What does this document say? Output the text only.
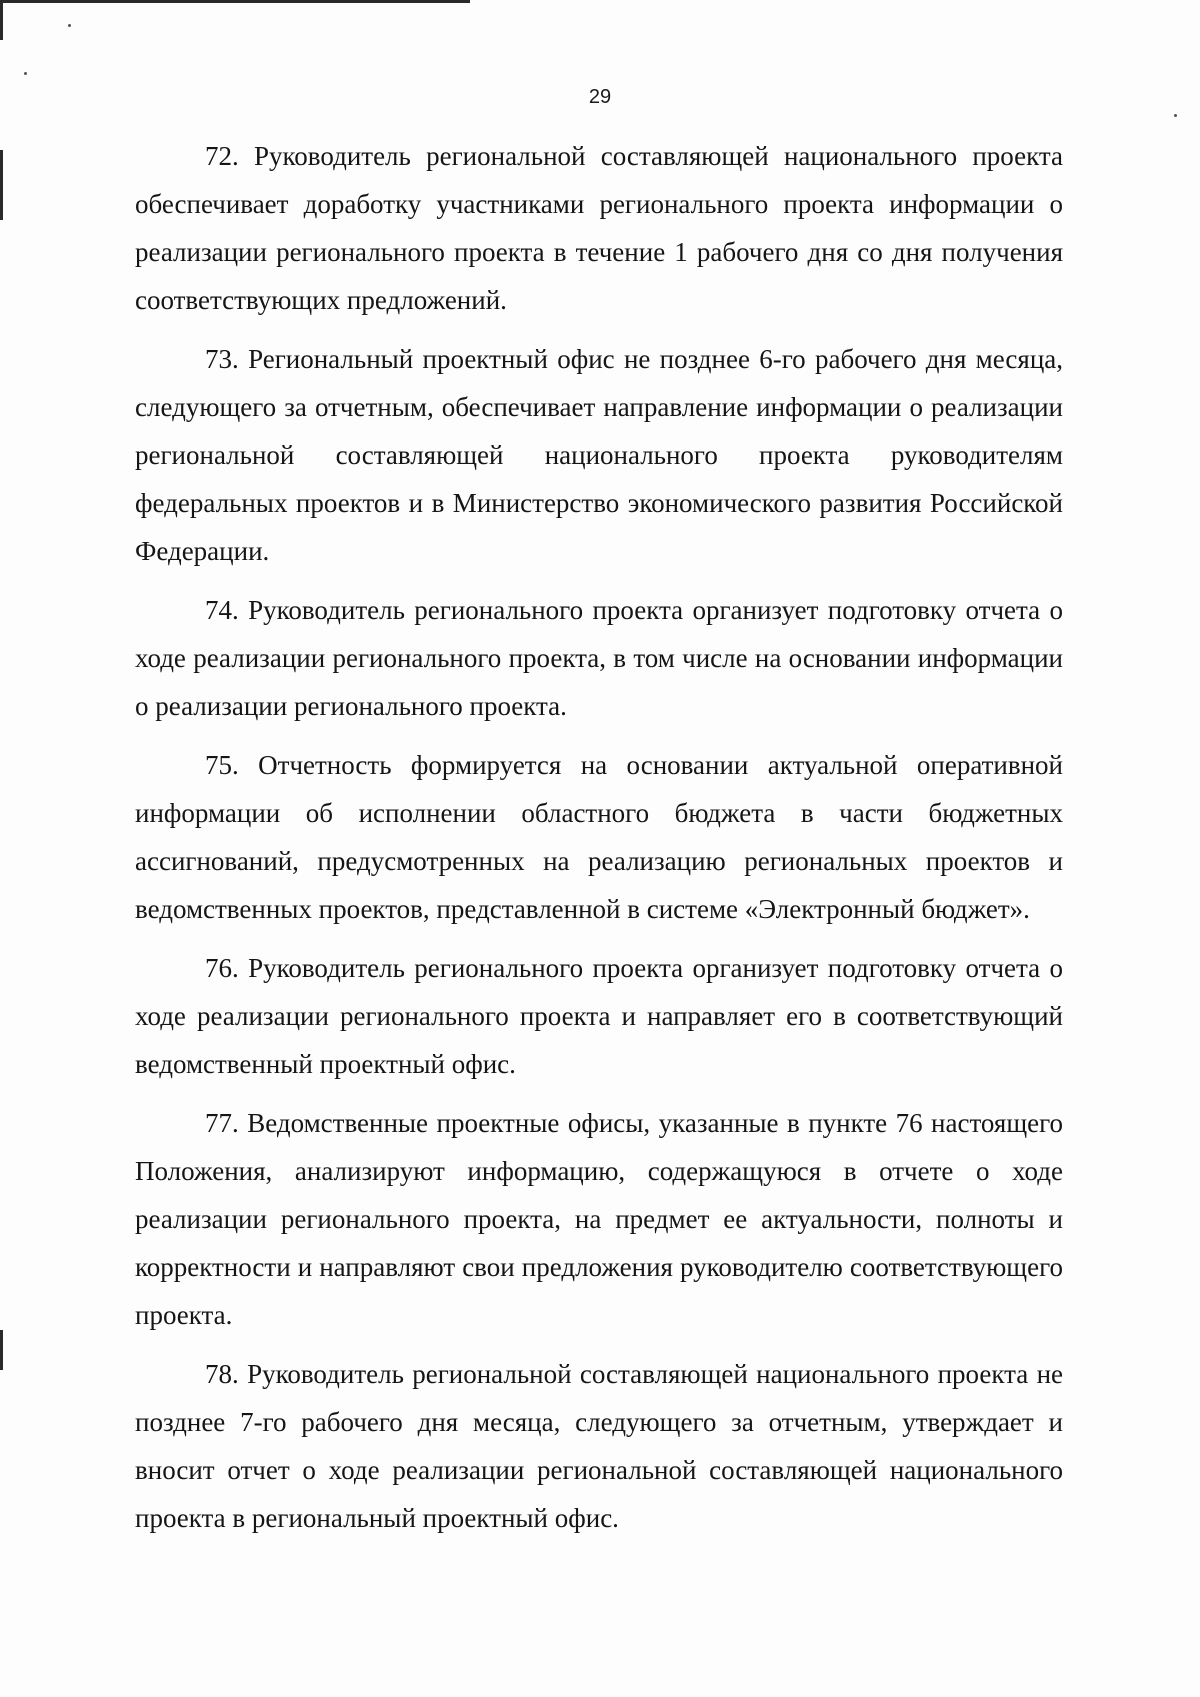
29

72. Руководитель региональной составляющей национального проекта обеспечивает доработку участниками регионального проекта информации о реализации регионального проекта в течение 1 рабочего дня со дня получения соответствующих предложений.

73. Региональный проектный офис не позднее 6-го рабочего дня месяца, следующего за отчетным, обеспечивает направление информации о реализации региональной составляющей национального проекта руководителям федеральных проектов и в Министерство экономического развития Российской Федерации.

74. Руководитель регионального проекта организует подготовку отчета о ходе реализации регионального проекта, в том числе на основании информации о реализации регионального проекта.

75. Отчетность формируется на основании актуальной оперативной информации об исполнении областного бюджета в части бюджетных ассигнований, предусмотренных на реализацию региональных проектов и ведомственных проектов, представленной в системе «Электронный бюджет».

76. Руководитель регионального проекта организует подготовку отчета о ходе реализации регионального проекта и направляет его в соответствующий ведомственный проектный офис.

77. Ведомственные проектные офисы, указанные в пункте 76 настоящего Положения, анализируют информацию, содержащуюся в отчете о ходе реализации регионального проекта, на предмет ее актуальности, полноты и корректности и направляют свои предложения руководителю соответствующего проекта.

78. Руководитель региональной составляющей национального проекта не позднее 7-го рабочего дня месяца, следующего за отчетным, утверждает и вносит отчет о ходе реализации региональной составляющей национального проекта в региональный проектный офис.
